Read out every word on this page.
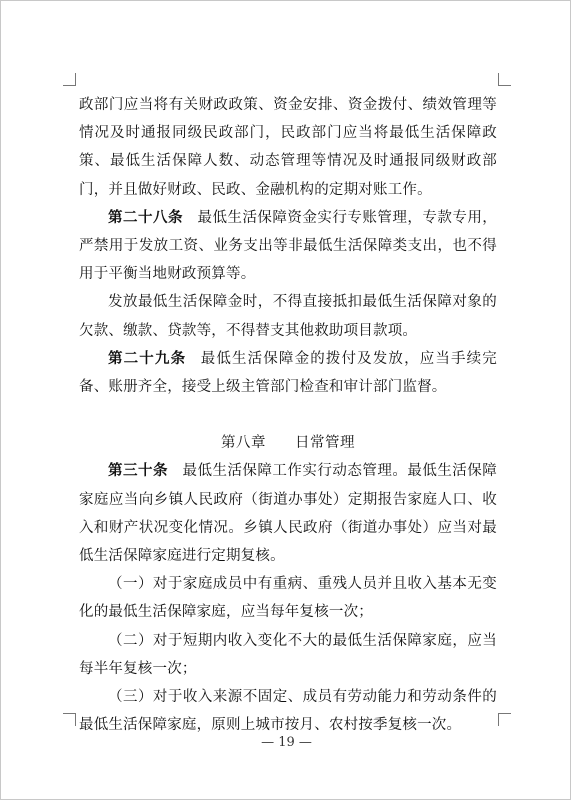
政部门应当将有关财政政策、资金安排、资金拨付、绩效管理等情况及时通报同级民政部门，民政部门应当将最低生活保障政策、最低生活保障人数、动态管理等情况及时通报同级财政部门，并且做好财政、民政、金融机构的定期对账工作。

第二十八条 最低生活保障资金实行专账管理，专款专用，严禁用于发放工资、业务支出等非最低生活保障类支出，也不得用于平衡当地财政预算等。

发放最低生活保障金时，不得直接抵扣最低生活保障对象的欠款、缴款、贷款等，不得替支其他救助项目款项。

第二十九条 最低生活保障金的拨付及发放，应当手续完备、账册齐全，接受上级主管部门检查和审计部门监督。

第八章 日常管理

第三十条 最低生活保障工作实行动态管理。最低生活保障家庭应当向乡镇人民政府（街道办事处）定期报告家庭人口、收入和财产状况变化情况。乡镇人民政府（街道办事处）应当对最低生活保障家庭进行定期复核。

（一）对于家庭成员中有重病、重残人员并且收入基本无变化的最低生活保障家庭，应当每年复核一次；

（二）对于短期内收入变化不大的最低生活保障家庭，应当每半年复核一次；

（三）对于收入来源不固定、成员有劳动能力和劳动条件的最低生活保障家庭，原则上城市按月、农村按季复核一次。

— 19 —
